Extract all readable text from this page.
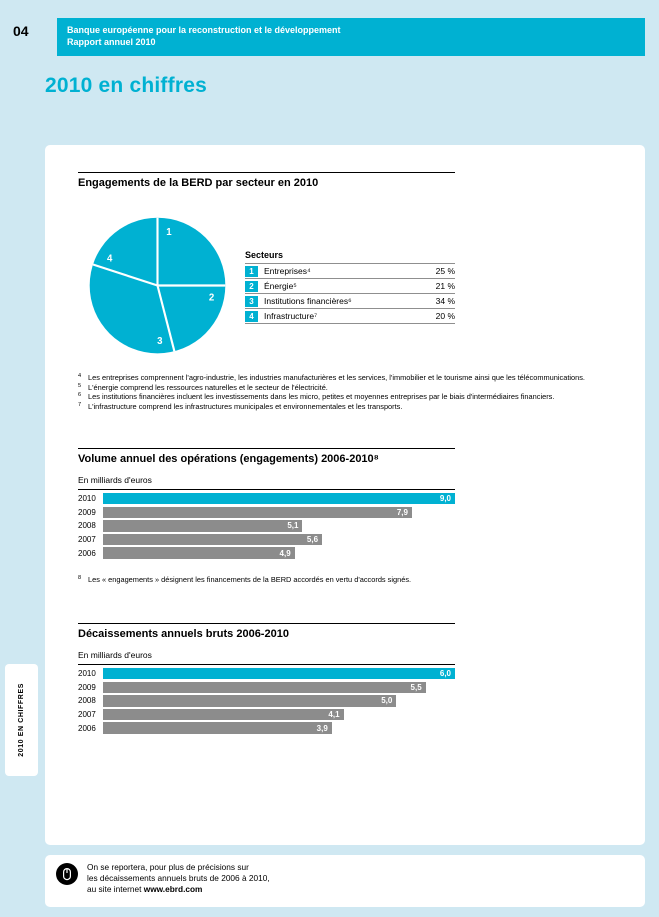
04	Banque européenne pour la reconstruction et le développement
Rapport annuel 2010
2010 en chiffres
Engagements de la BERD par secteur en 2010
1
2
3
4	Secteurs
1	Entreprises⁴	25 %
2	Énergie⁵	21 %
3	Institutions financières⁶	34 %
4	Infrastructure⁷	20 %
4 Les entreprises comprennent l'agro-industrie, les industries manufacturières et les services, l'immobilier et le tourisme ainsi que les télécommunications.
5 L'énergie comprend les ressources naturelles et le secteur de l'électricité.
6 Les institutions financières incluent les investissements dans les micro, petites et moyennes entreprises par le biais d'intermédiaires financiers.
7 L'infrastructure comprend les infrastructures municipales et environnementales et les transports.
Volume annuel des opérations (engagements) 2006-2010⁸
En milliards d'euros
2010	9,0
2009	7,9
2008	5,1
2007	5,6
2006	4,9
8 Les « engagements » désignent les financements de la BERD accordés en vertu d'accords signés.
Décaissements annuels bruts 2006-2010
En milliards d'euros
2010	6,0
2009	5,5
2008	5,0
2007	4,1
2006	3,9
2010 EN CHIFFRES
On se reportera, pour plus de précisions sur
les décaissements annuels bruts de 2006 à 2010,
au site internet www.ebrd.com
